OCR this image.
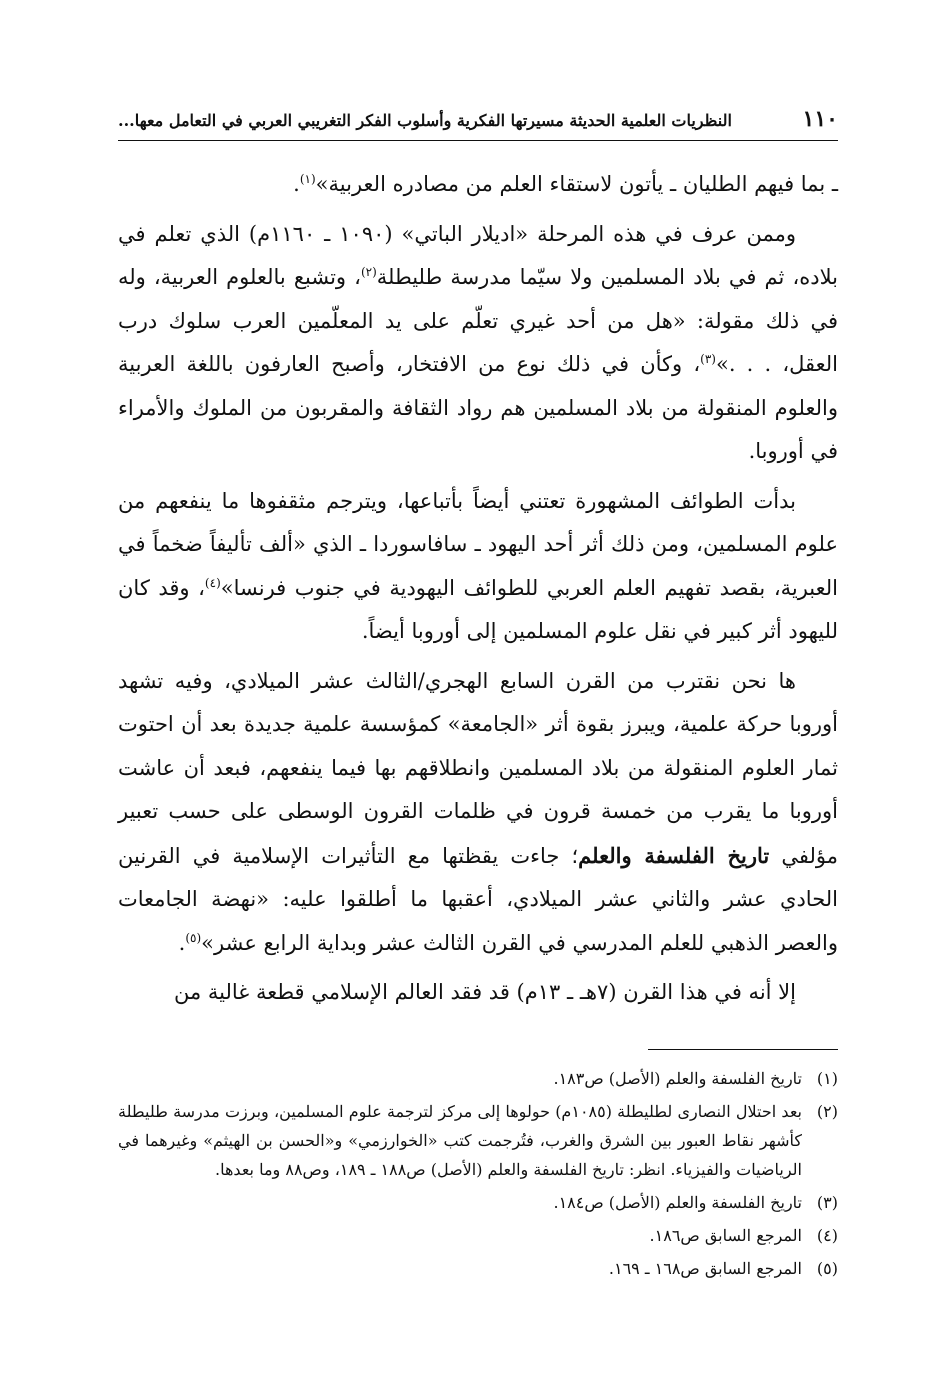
١١٠
النظريات العلمية الحديثة مسيرتها الفكرية وأسلوب الفكر التغريبي العربي في التعامل معها...

ـ بما فيهم الطليان ـ يأتون لاستقاء العلم من مصادره العربية»$^{(١)}$.

وممن عرف في هذه المرحلة «اديلار الباتي» (١٠٩٠ ـ ١١٦٠م) الذي تعلم في بلاده، ثم في بلاد المسلمين ولا سيّما مدرسة طليطلة$^{(٢)}$، وتشبع بالعلوم العربية، وله في ذلك مقولة: «هل من أحد غيري تعلّم على يد المعلّمين العرب سلوك درب العقل، . . .»$^{(٣)}$، وكأن في ذلك نوع من الافتخار، وأصبح العارفون باللغة العربية والعلوم المنقولة من بلاد المسلمين هم رواد الثقافة والمقربون من الملوك والأمراء في أوروبا.

بدأت الطوائف المشهورة تعتني أيضاً بأتباعها، ويترجم مثقفوها ما ينفعهم من علوم المسلمين، ومن ذلك أثر أحد اليهود ـ سافاسوردا ـ الذي «ألف تأليفاً ضخماً في العبرية، بقصد تفهيم العلم العربي للطوائف اليهودية في جنوب فرنسا»$^{(٤)}$، وقد كان لليهود أثر كبير في نقل علوم المسلمين إلى أوروبا أيضاً.

ها نحن نقترب من القرن السابع الهجري/الثالث عشر الميلادي، وفيه تشهد أوروبا حركة علمية، ويبرز بقوة أثر «الجامعة» كمؤسسة علمية جديدة بعد أن احتوت ثمار العلوم المنقولة من بلاد المسلمين وانطلاقهم بها فيما ينفعهم، فبعد أن عاشت أوروبا ما يقرب من خمسة قرون في ظلمات القرون الوسطى على حسب تعبير مؤلفي تاريخ الفلسفة والعلم؛ جاءت يقظتها مع التأثيرات الإسلامية في القرنين الحادي عشر والثاني عشر الميلادي، أعقبها ما أطلقوا عليه: «نهضة الجامعات والعصر الذهبي للعلم المدرسي في القرن الثالث عشر وبداية الرابع عشر»$^{(٥)}$.

إلا أنه في هذا القرن (٧هـ ـ ١٣م) قد فقد العالم الإسلامي قطعة غالية من

(١)
تاريخ الفلسفة والعلم (الأصل) ص١٨٣.
(٢)
بعد احتلال النصارى لطليطلة (١٠٨٥م) حولوها إلى مركز لترجمة علوم المسلمين، وبرزت مدرسة طليطلة كأشهر نقاط العبور بين الشرق والغرب، فتُرجمت كتب «الخوارزمي» و«الحسن بن الهيثم» وغيرهما في الرياضيات والفيزياء. انظر: تاريخ الفلسفة والعلم (الأصل) ص١٨٨ ـ ١٨٩، وص٨٨ وما بعدها.
(٣)
تاريخ الفلسفة والعلم (الأصل) ص١٨٤.
(٤)
المرجع السابق ص١٨٦.
(٥)
المرجع السابق ص١٦٨ ـ ١٦٩.
